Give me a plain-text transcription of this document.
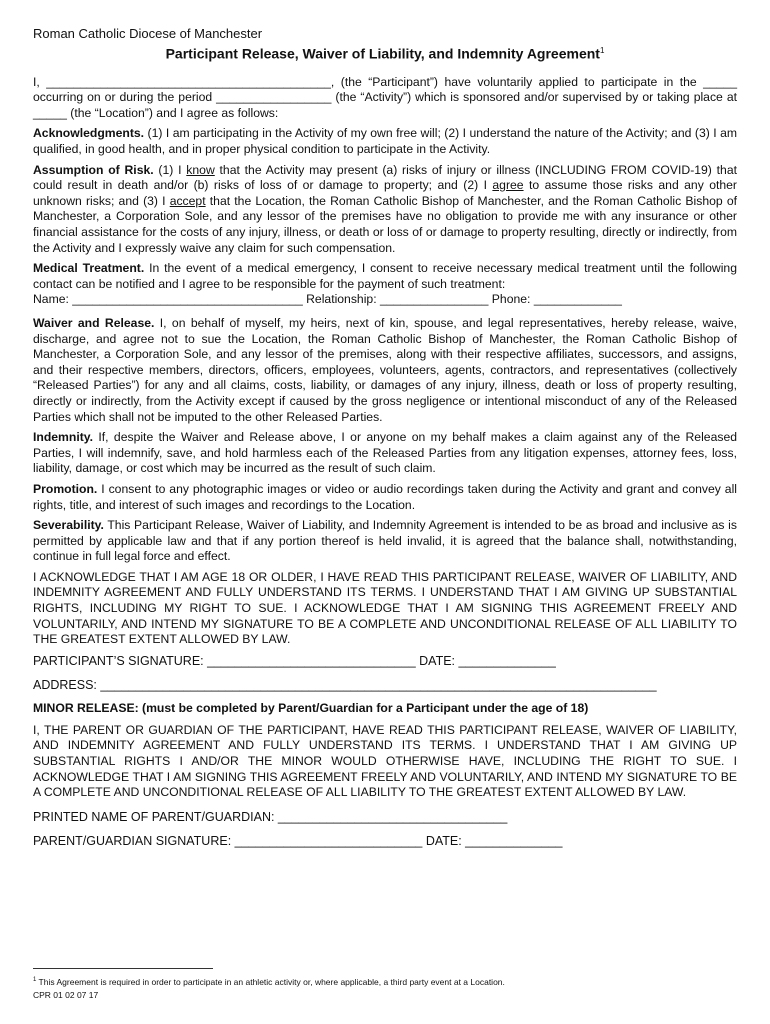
Roman Catholic Diocese of Manchester
Participant Release, Waiver of Liability, and Indemnity Agreement$^1$

I, __________________________________________, (the “Participant”) have voluntarily applied to participate in the _____ occurring on or during the period _________________ (the “Activity”) which is sponsored and/or supervised by or taking place at _____ (the “Location”) and I agree as follows:

Acknowledgments. (1) I am participating in the Activity of my own free will; (2) I understand the nature of the Activity; and (3) I am qualified, in good health, and in proper physical condition to participate in the Activity.

Assumption of Risk. (1) I know that the Activity may present (a) risks of injury or illness (INCLUDING FROM COVID-19) that could result in death and/or (b) risks of loss of or damage to property; and (2) I agree to assume those risks and any other unknown risks; and (3) I accept that the Location, the Roman Catholic Bishop of Manchester, and the Roman Catholic Bishop of Manchester, a Corporation Sole, and any lessor of the premises have no obligation to provide me with any insurance or other financial assistance for the costs of any injury, illness, or death or loss of or damage to property resulting, directly or indirectly, from the Activity and I expressly waive any claim for such compensation.

Medical Treatment. In the event of a medical emergency, I consent to receive necessary medical treatment until the following contact can be notified and I agree to be responsible for the payment of such treatment:

Name: __________________________________ Relationship: ________________ Phone: _____________

Waiver and Release. I, on behalf of myself, my heirs, next of kin, spouse, and legal representatives, hereby release, waive, discharge, and agree not to sue the Location, the Roman Catholic Bishop of Manchester, the Roman Catholic Bishop of Manchester, a Corporation Sole, and any lessor of the premises, along with their respective affiliates, successors, and assigns, and their respective members, directors, officers, employees, volunteers, agents, contractors, and representatives (collectively “Released Parties”) for any and all claims, costs, liability, or damages of any injury, illness, death or loss of property resulting, directly or indirectly, from the Activity except if caused by the gross negligence or intentional misconduct of any of the Released Parties which shall not be imputed to the other Released Parties.

Indemnity. If, despite the Waiver and Release above, I or anyone on my behalf makes a claim against any of the Released Parties, I will indemnify, save, and hold harmless each of the Released Parties from any litigation expenses, attorney fees, loss, liability, damage, or cost which may be incurred as the result of such claim.

Promotion. I consent to any photographic images or video or audio recordings taken during the Activity and grant and convey all rights, title, and interest of such images and recordings to the Location.

Severability. This Participant Release, Waiver of Liability, and Indemnity Agreement is intended to be as broad and inclusive as is permitted by applicable law and that if any portion thereof is held invalid, it is agreed that the balance shall, notwithstanding, continue in full legal force and effect.

I ACKNOWLEDGE THAT I AM AGE 18 OR OLDER, I HAVE READ THIS PARTICIPANT RELEASE, WAIVER OF LIABILITY, AND INDEMNITY AGREEMENT AND FULLY UNDERSTAND ITS TERMS. I UNDERSTAND THAT I AM GIVING UP SUBSTANTIAL RIGHTS, INCLUDING MY RIGHT TO SUE. I ACKNOWLEDGE THAT I AM SIGNING THIS AGREEMENT FREELY AND VOLUNTARILY, AND INTEND MY SIGNATURE TO BE A COMPLETE AND UNCONDITIONAL RELEASE OF ALL LIABILITY TO THE GREATEST EXTENT ALLOWED BY LAW.

PARTICIPANT’S SIGNATURE: ______________________________ DATE: ______________
ADDRESS: ________________________________________________________________________________
MINOR RELEASE: (must be completed by Parent/Guardian for a Participant under the age of 18)

I, THE PARENT OR GUARDIAN OF THE PARTICIPANT, HAVE READ THIS PARTICIPANT RELEASE, WAIVER OF LIABILITY, AND INDEMNITY AGREEMENT AND FULLY UNDERSTAND ITS TERMS. I UNDERSTAND THAT I AM GIVING UP SUBSTANTIAL RIGHTS I AND/OR THE MINOR WOULD OTHERWISE HAVE, INCLUDING THE RIGHT TO SUE. I ACKNOWLEDGE THAT I AM SIGNING THIS AGREEMENT FREELY AND VOLUNTARILY, AND INTEND MY SIGNATURE TO BE A COMPLETE AND UNCONDITIONAL RELEASE OF ALL LIABILITY TO THE GREATEST EXTENT ALLOWED BY LAW.

PRINTED NAME OF PARENT/GUARDIAN: _________________________________
PARENT/GUARDIAN SIGNATURE: ___________________________ DATE: ______________
$^1$ This Agreement is required in order to participate in an athletic activity or, where applicable, a third party event at a Location.
CPR 01 02 07 17
